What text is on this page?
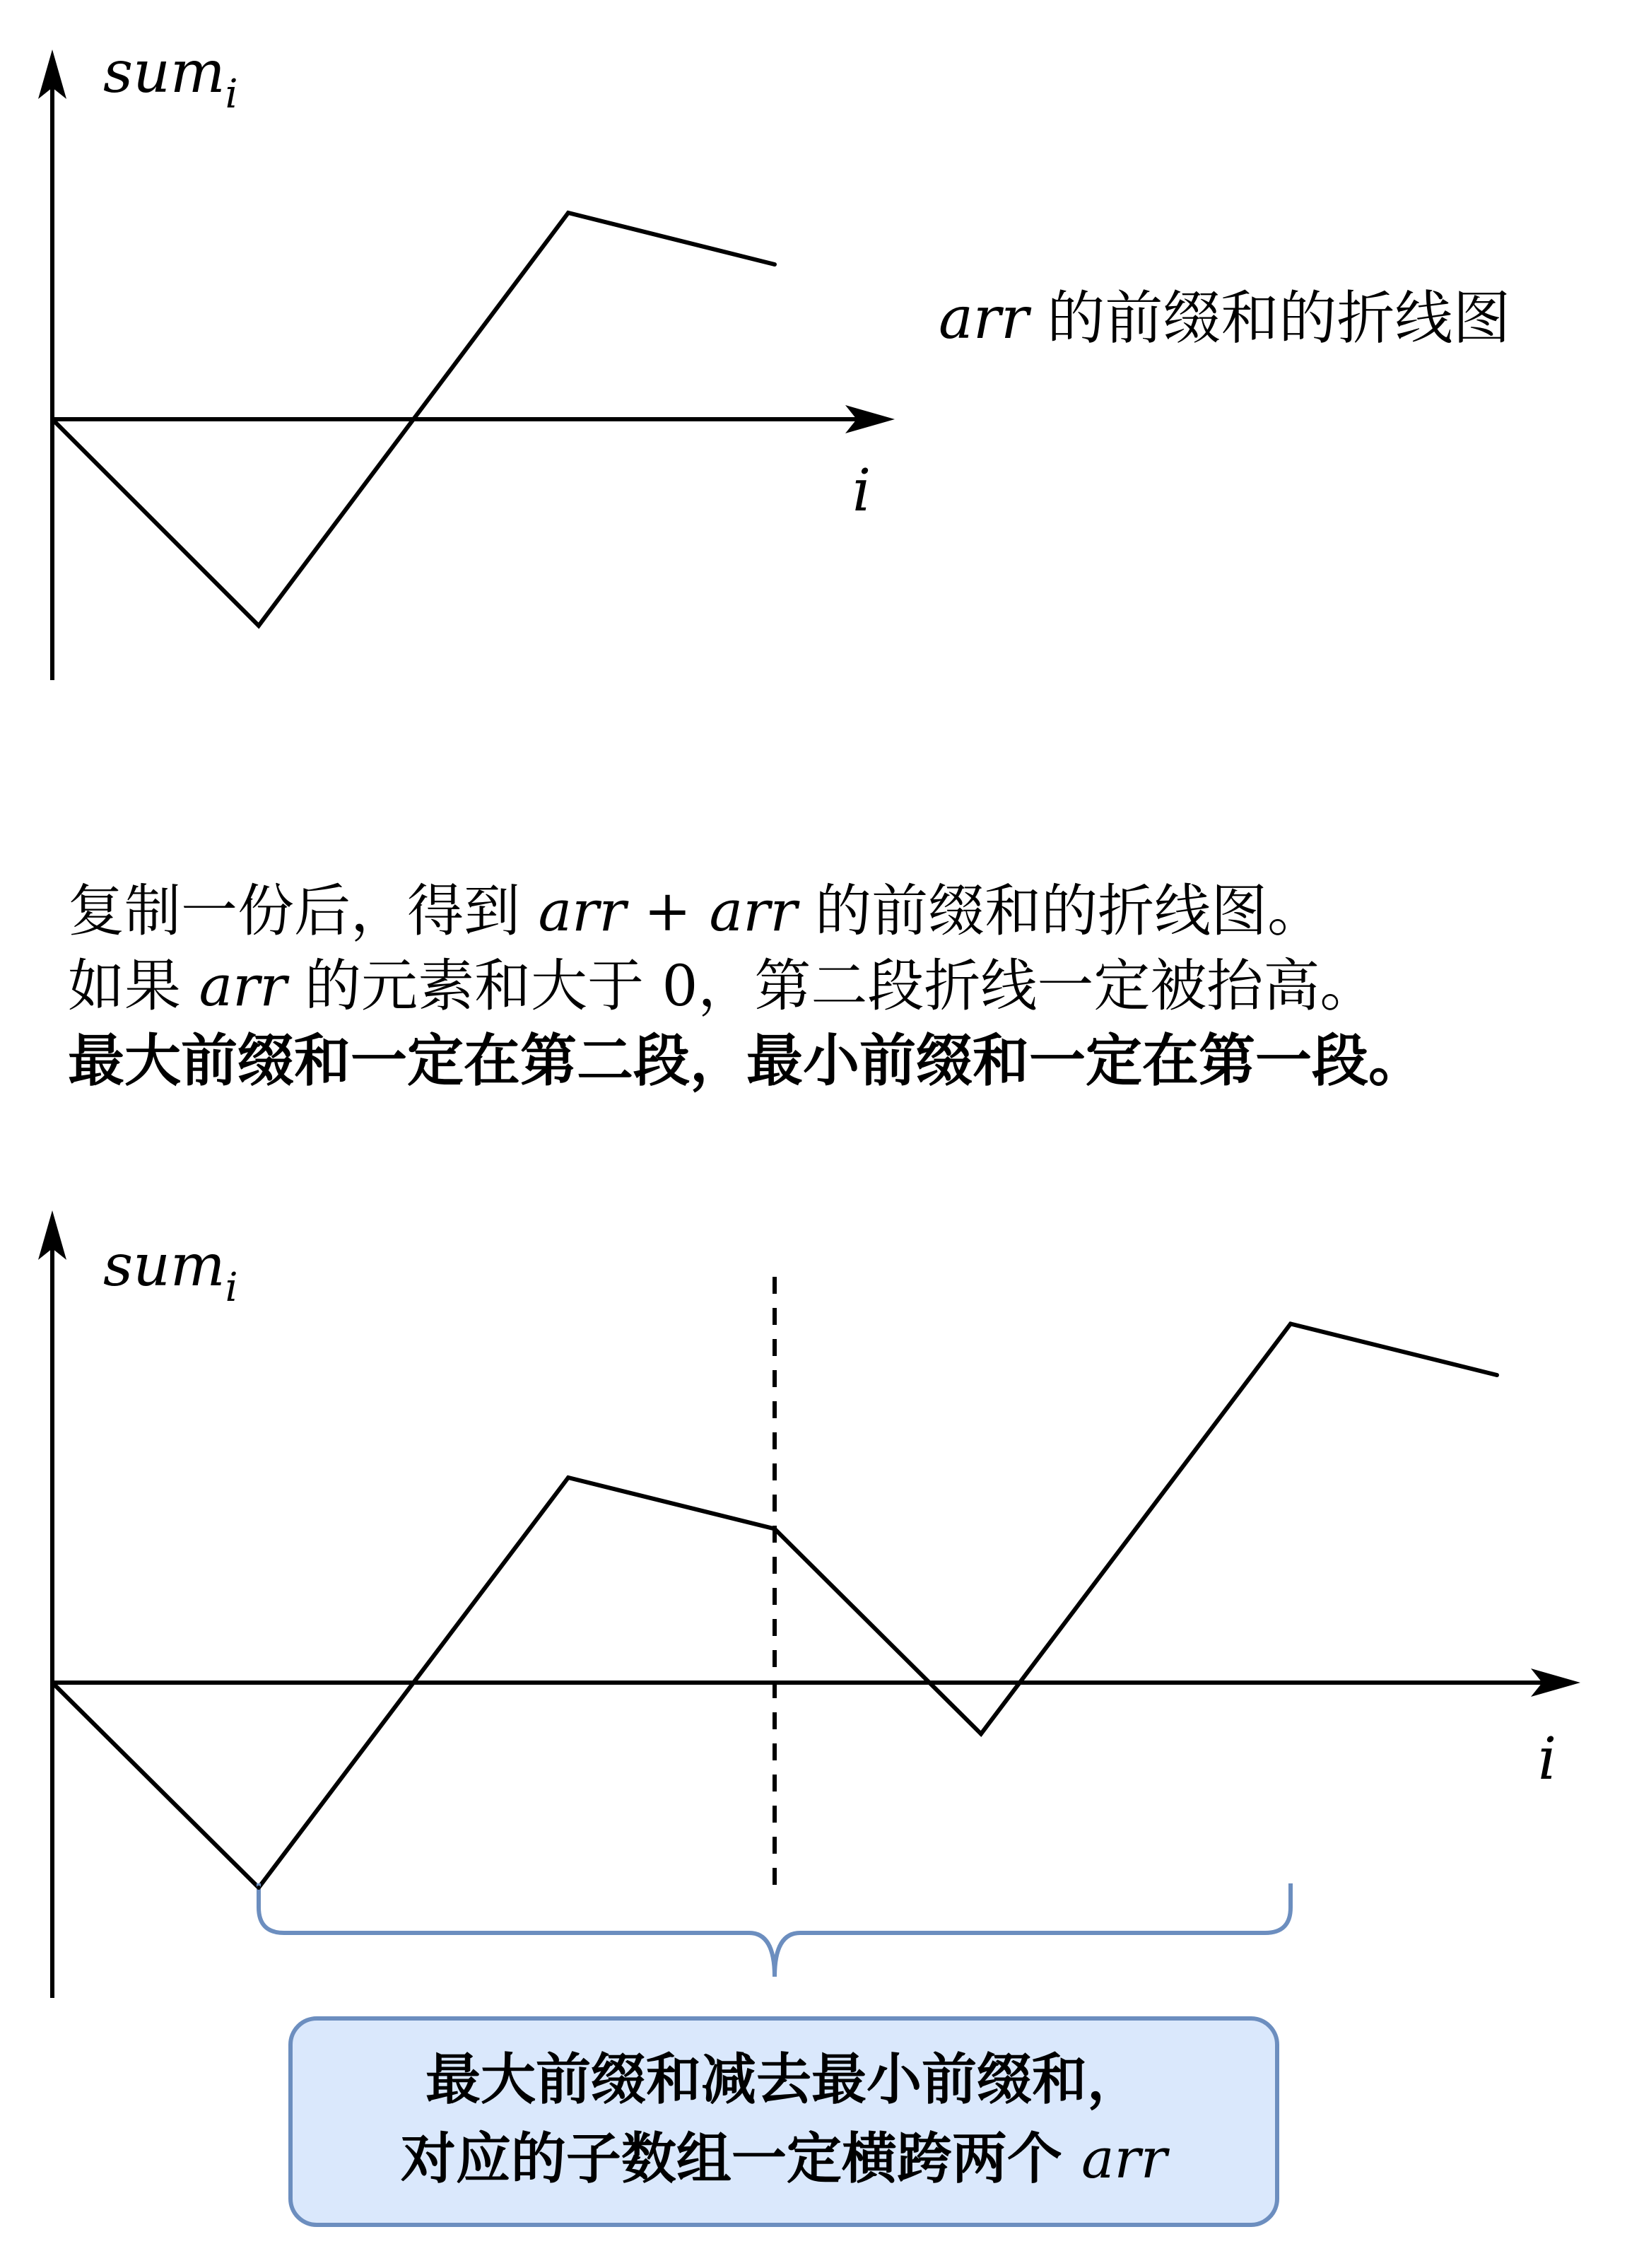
sum$_i$
i
arr 的前缀和的折线图
sum$_i$
i
复制一份后，得到 arr + arr 的前缀和的折线图。
如果 arr 的元素和大于 0，第二段折线一定被抬高。
最大前缀和一定在第二段，最小前缀和一定在第一段。
最大前缀和减去最小前缀和，
对应的子数组一定横跨两个 arr
